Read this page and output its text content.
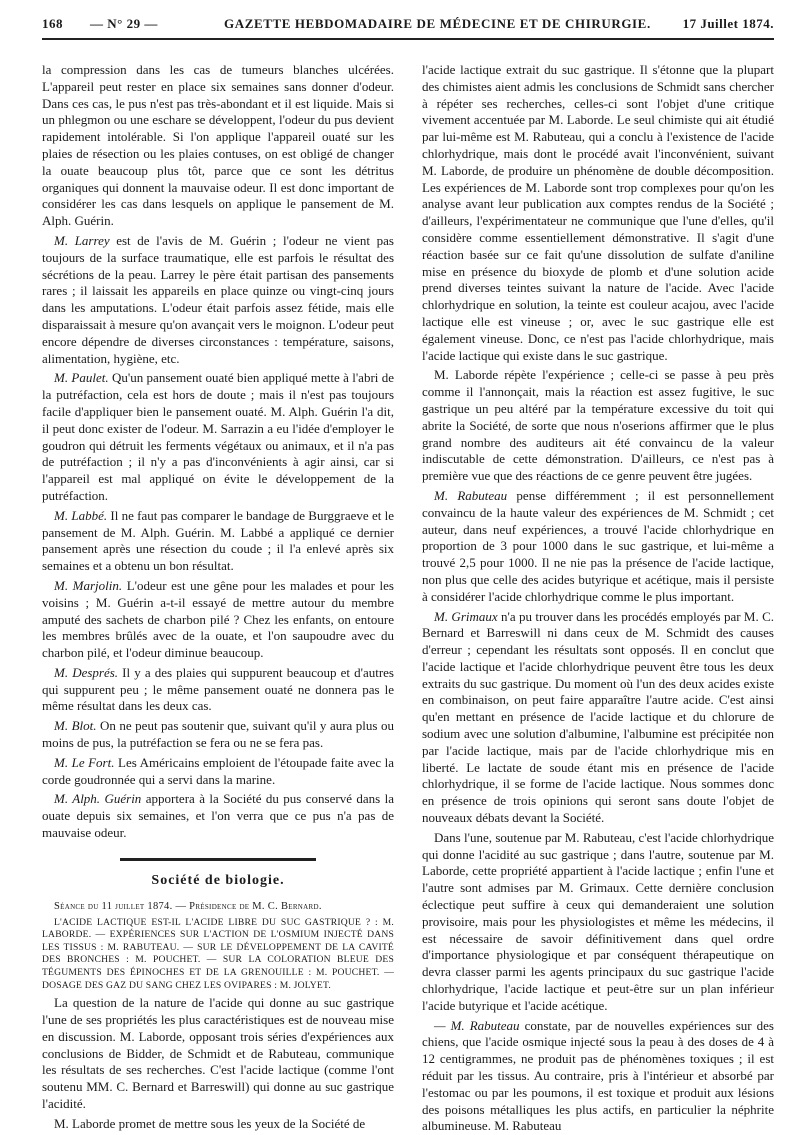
168 — N° 29 —	GAZETTE HEBDOMADAIRE DE MÉDECINE ET DE CHIRURGIE. 17 Juillet 1874.

la compression dans les cas de tumeurs blanches ulcérées. L'appareil peut rester en place six semaines sans donner d'odeur. Dans ces cas, le pus n'est pas très-abondant et il est liquide. Mais si un phlegmon ou une eschare se développent, l'odeur du pus devient rapidement intolérable. Si l'on applique l'appareil ouaté sur les plaies de résection ou les plaies contuses, on est obligé de changer la ouate beaucoup plus tôt, parce que ce sont les détritus organiques qui donnent la mauvaise odeur. Il est donc important de considérer les cas dans lesquels on applique le pansement de M. Alph. Guérin.

M. Larrey est de l'avis de M. Guérin ; l'odeur ne vient pas toujours de la surface traumatique, elle est parfois le résultat des sécrétions de la peau. Larrey le père était partisan des pansements rares ; il laissait les appareils en place quinze ou vingt-cinq jours dans les amputations. L'odeur était parfois assez fétide, mais elle disparaissait à mesure qu'on avançait vers le moignon. L'odeur peut encore dépendre de diverses circonstances : température, saisons, alimentation, hygiène, etc.

M. Paulet. Qu'un pansement ouaté bien appliqué mette à l'abri de la putréfaction, cela est hors de doute ; mais il n'est pas toujours facile d'appliquer bien le pansement ouaté. M. Alph. Guérin l'a dit, il peut donc exister de l'odeur. M. Sarrazin a eu l'idée d'employer le goudron qui détruit les ferments végétaux ou animaux, et il n'a pas de putréfaction ; il n'y a pas d'inconvénients à agir ainsi, car si l'appareil est mal appliqué on évite le développement de la putréfaction.

M. Labbé. Il ne faut pas comparer le bandage de Burggraeve et le pansement de M. Alph. Guérin. M. Labbé a appliqué ce dernier pansement après une résection du coude ; il l'a enlevé après six semaines et a obtenu un bon résultat.

M. Marjolin. L'odeur est une gêne pour les malades et pour les voisins ; M. Guérin a-t-il essayé de mettre autour du membre amputé des sachets de charbon pilé ? Chez les enfants, on entoure les membres brûlés avec de la ouate, et l'on saupoudre avec du charbon pilé, et l'odeur diminue beaucoup.

M. Després. Il y a des plaies qui suppurent beaucoup et d'autres qui suppurent peu ; le même pansement ouaté ne donnera pas le même résultat dans les deux cas.

M. Blot. On ne peut pas soutenir que, suivant qu'il y aura plus ou moins de pus, la putréfaction se fera ou ne se fera pas.

M. Le Fort. Les Américains emploient de l'étoupade faite avec la corde goudronnée qui a servi dans la marine.

M. Alph. Guérin apportera à la Société du pus conservé dans la ouate depuis six semaines, et l'on verra que ce pus n'a pas de mauvaise odeur.

Société de biologie.

Séance du 11 juillet 1874. — Présidence de M. C. Bernard.

L'ACIDE LACTIQUE EST-IL L'ACIDE LIBRE DU SUC GASTRIQUE ? : M. LABORDE. — EXPÉRIENCES SUR L'ACTION DE L'OSMIUM INJECTÉ DANS LES TISSUS : M. RABUTEAU. — SUR LE DÉVELOPPEMENT DE LA CAVITÉ DES BRONCHES : M. POUCHET. — SUR LA COLORATION BLEUE DES TÉGUMENTS DES ÉPINOCHES ET DE LA GRENOUILLE : M. POUCHET. — DOSAGE DES GAZ DU SANG CHEZ LES OVIPARES : M. JOLYET.

La question de la nature de l'acide qui donne au suc gastrique l'une de ses propriétés les plus caractéristiques est de nouveau mise en discussion. M. Laborde, opposant trois séries d'expériences aux conclusions de Bidder, de Schmidt et de Rabuteau, communique les résultats de ses recherches. C'est l'acide lactique (comme l'ont soutenu MM. C. Bernard et Barreswill) qui donne au suc gastrique l'acidité.

M. Laborde promet de mettre sous les yeux de la Société de

l'acide lactique extrait du suc gastrique. Il s'étonne que la plupart des chimistes aient admis les conclusions de Schmidt sans chercher à répéter ses recherches, celles-ci sont l'objet d'une critique vivement accentuée par M. Laborde. Le seul chimiste qui ait étudié par lui-même est M. Rabuteau, qui a conclu à l'existence de l'acide chlorhydrique, mais dont le procédé avait l'inconvénient, suivant M. Laborde, de produire un phénomène de double décomposition. Les expériences de M. Laborde sont trop complexes pour qu'on les analyse avant leur publication aux comptes rendus de la Société ; d'ailleurs, l'expérimentateur ne communique que l'une d'elles, qu'il considère comme essentiellement démonstrative. Il s'agit d'une réaction basée sur ce fait qu'une dissolution de sulfate d'aniline mise en présence du bioxyde de plomb et d'une solution acide prend diverses teintes suivant la nature de l'acide. Avec l'acide chlorhydrique en solution, la teinte est couleur acajou, avec l'acide lactique elle est vineuse ; or, avec le suc gastrique elle est également vineuse. Donc, ce n'est pas l'acide chlorhydrique, mais l'acide lactique qui existe dans le suc gastrique.

M. Laborde répète l'expérience ; celle-ci se passe à peu près comme il l'annonçait, mais la réaction est assez fugitive, le suc gastrique un peu altéré par la température excessive du toit qui abrite la Société, de sorte que nous n'oserions affirmer que le plus grand nombre des auditeurs ait été convaincu de la valeur indiscutable de cette démonstration. D'ailleurs, ce n'est pas à première vue que des réactions de ce genre peuvent être jugées.

M. Rabuteau pense différemment ; il est personnellement convaincu de la haute valeur des expériences de M. Schmidt ; cet auteur, dans neuf expériences, a trouvé l'acide chlorhydrique en proportion de 3 pour 1000 dans le suc gastrique, et lui-même a trouvé 2,5 pour 1000. Il ne nie pas la présence de l'acide lactique, non plus que celle des acides butyrique et acétique, mais il persiste à considérer l'acide chlorhydrique comme le plus important.

M. Grimaux n'a pu trouver dans les procédés employés par M. C. Bernard et Barreswill ni dans ceux de M. Schmidt des causes d'erreur ; cependant les résultats sont opposés. Il en conclut que l'acide lactique et l'acide chlorhydrique peuvent être tous les deux extraits du suc gastrique. Du moment où l'un des deux acides existe en combinaison, on peut faire apparaître l'autre acide. C'est ainsi qu'en mettant en présence de l'acide lactique et du chlorure de sodium avec une solution d'albumine, l'albumine est précipitée non par l'acide lactique, mais par de l'acide chlorhydrique mis en liberté. Le lactate de soude étant mis en présence de l'acide chlorhydrique, il se forme de l'acide lactique. Nous sommes donc en présence de trois opinions qui seront sans doute l'objet de nouveaux débats devant la Société.

Dans l'une, soutenue par M. Rabuteau, c'est l'acide chlorhydrique qui donne l'acidité au suc gastrique ; dans l'autre, soutenue par M. Laborde, cette propriété appartient à l'acide lactique ; enfin l'une et l'autre sont admises par M. Grimaux. Cette dernière conclusion éclectique peut suffire à ceux qui demanderaient une solution provisoire, mais pour les physiologistes et même les médecins, il est nécessaire de savoir définitivement dans quel ordre d'importance physiologique et par conséquent thérapeutique on devra classer parmi les agents principaux du suc gastrique l'acide chlorhydrique, l'acide lactique et peut-être sur un plan inférieur l'acide butyrique et l'acide acétique.

— M. Rabuteau constate, par de nouvelles expériences sur des chiens, que l'acide osmique injecté sous la peau à des doses de 4 à 12 centigrammes, ne produit pas de phénomènes toxiques ; il est réduit par les tissus. Au contraire, pris à l'intérieur et absorbé par l'estomac ou par les poumons, il est toxique et produit aux lésions des poisons métalliques les plus actifs, en particulier la néphrite albumineuse. M. Rabuteau
